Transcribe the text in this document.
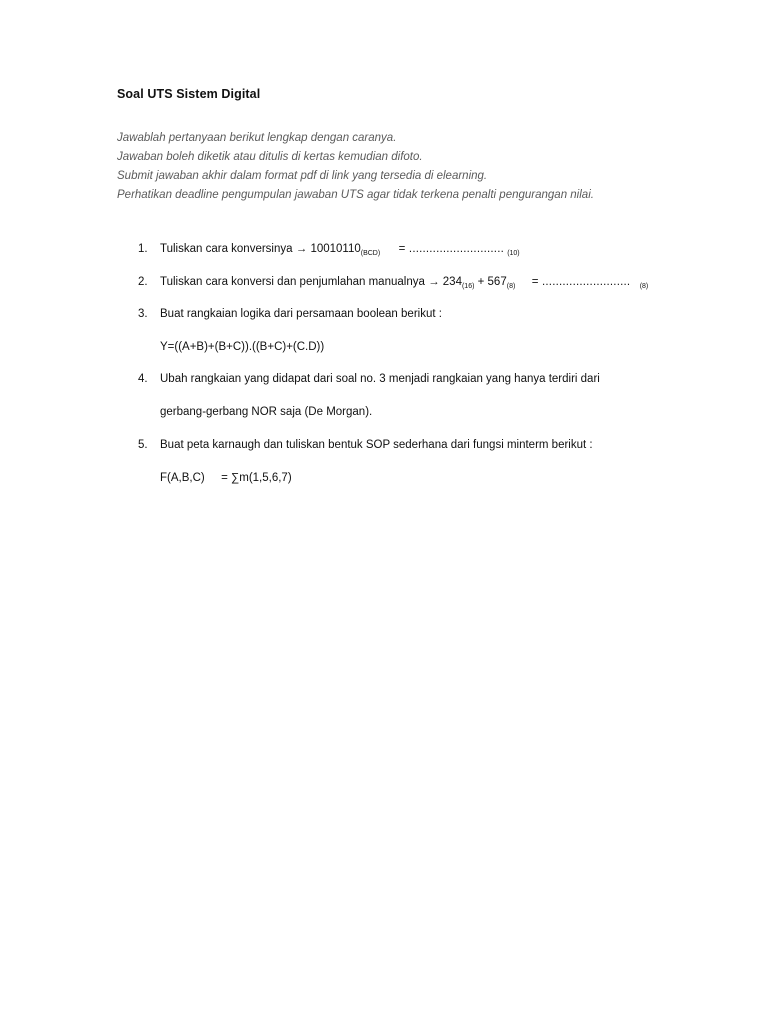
Soal UTS Sistem Digital
Jawablah pertanyaan berikut lengkap dengan caranya.
Jawaban boleh diketik atau ditulis di kertas kemudian difoto.
Submit jawaban akhir dalam format pdf di link yang tersedia di elearning.
Perhatikan deadline pengumpulan jawaban UTS agar tidak terkena penalti pengurangan nilai.
1. Tuliskan cara konversinya → $10010110_{(BCD)}$ = ............................ $_{(10)}$
2. Tuliskan cara konversi dan penjumlahan manualnya → $234_{(16)} + 567_{(8)}$ = .......................... $_{(8)}$
3. Buat rangkaian logika dari persamaan boolean berikut :
Y=((A+B)+(B+C)).((B+C)+(C.D))
4. Ubah rangkaian yang didapat dari soal no. 3 menjadi rangkaian yang hanya terdiri dari
gerbang-gerbang NOR saja (De Morgan).
5. Buat peta karnaugh dan tuliskan bentuk SOP sederhana dari fungsi minterm berikut :
F(A,B,C) = ∑m(1,5,6,7)
